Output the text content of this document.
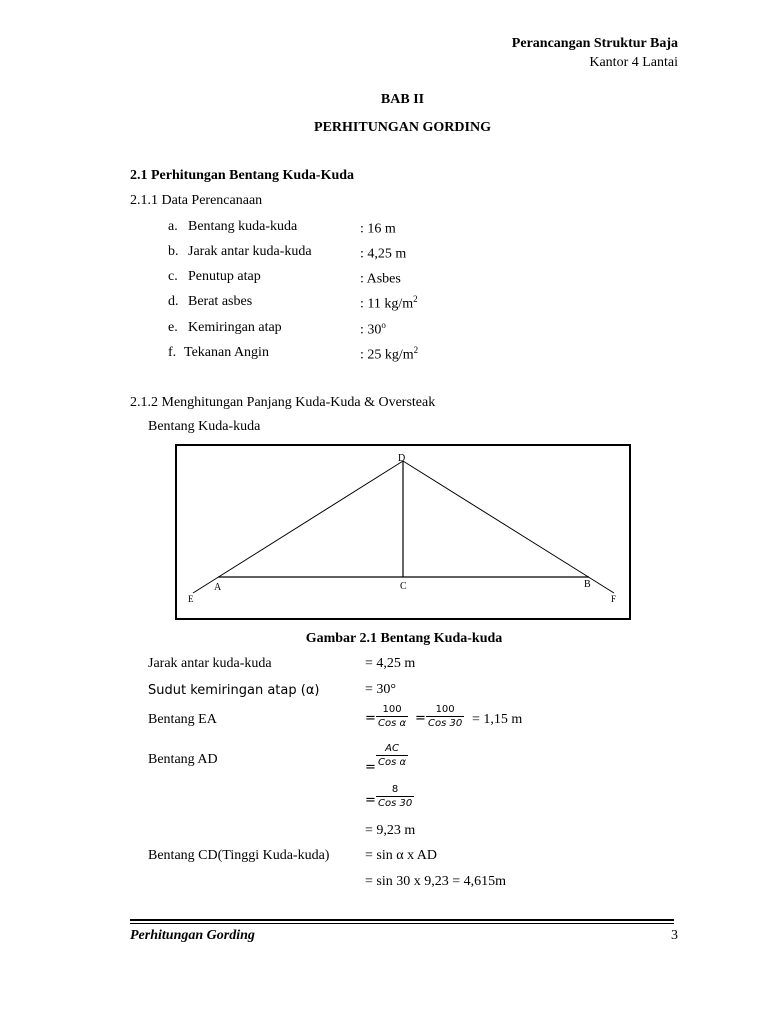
Perancangan Struktur Baja
Kantor 4 Lantai
BAB II
PERHITUNGAN GORDING
2.1 Perhitungan Bentang Kuda-Kuda
2.1.1 Data Perencanaan
a. Bentang kuda-kuda	: 16 m
b. Jarak antar kuda-kuda	: 4,25 m
c. Penutup atap	: Asbes
d. Berat asbes	: 11 $kg/m^2$
e. Kemiringan atap	: 30$^o$
f. Tekanan Angin	: 25 $kg/m^2$
2.1.2 Menghitungan Panjang Kuda-Kuda & Oversteak
Bentang Kuda-kuda
D
A	C	B
E	F
Gambar 2.1 Bentang Kuda-kuda
Jarak antar kuda-kuda	= 4,25 m
Sudut kemiringan atap (α)	= 30°
Bentang EA	=
100
Cos α =
100
Cos 30 = 1,15 m
Bentang AD
=
AC
Cos α
=
8
Cos 30
= 9,23 m
Bentang CD(Tinggi Kuda-kuda)	= sin α x AD
= sin 30 x 9,23 = 4,615m
Perhitungan Gording	3
